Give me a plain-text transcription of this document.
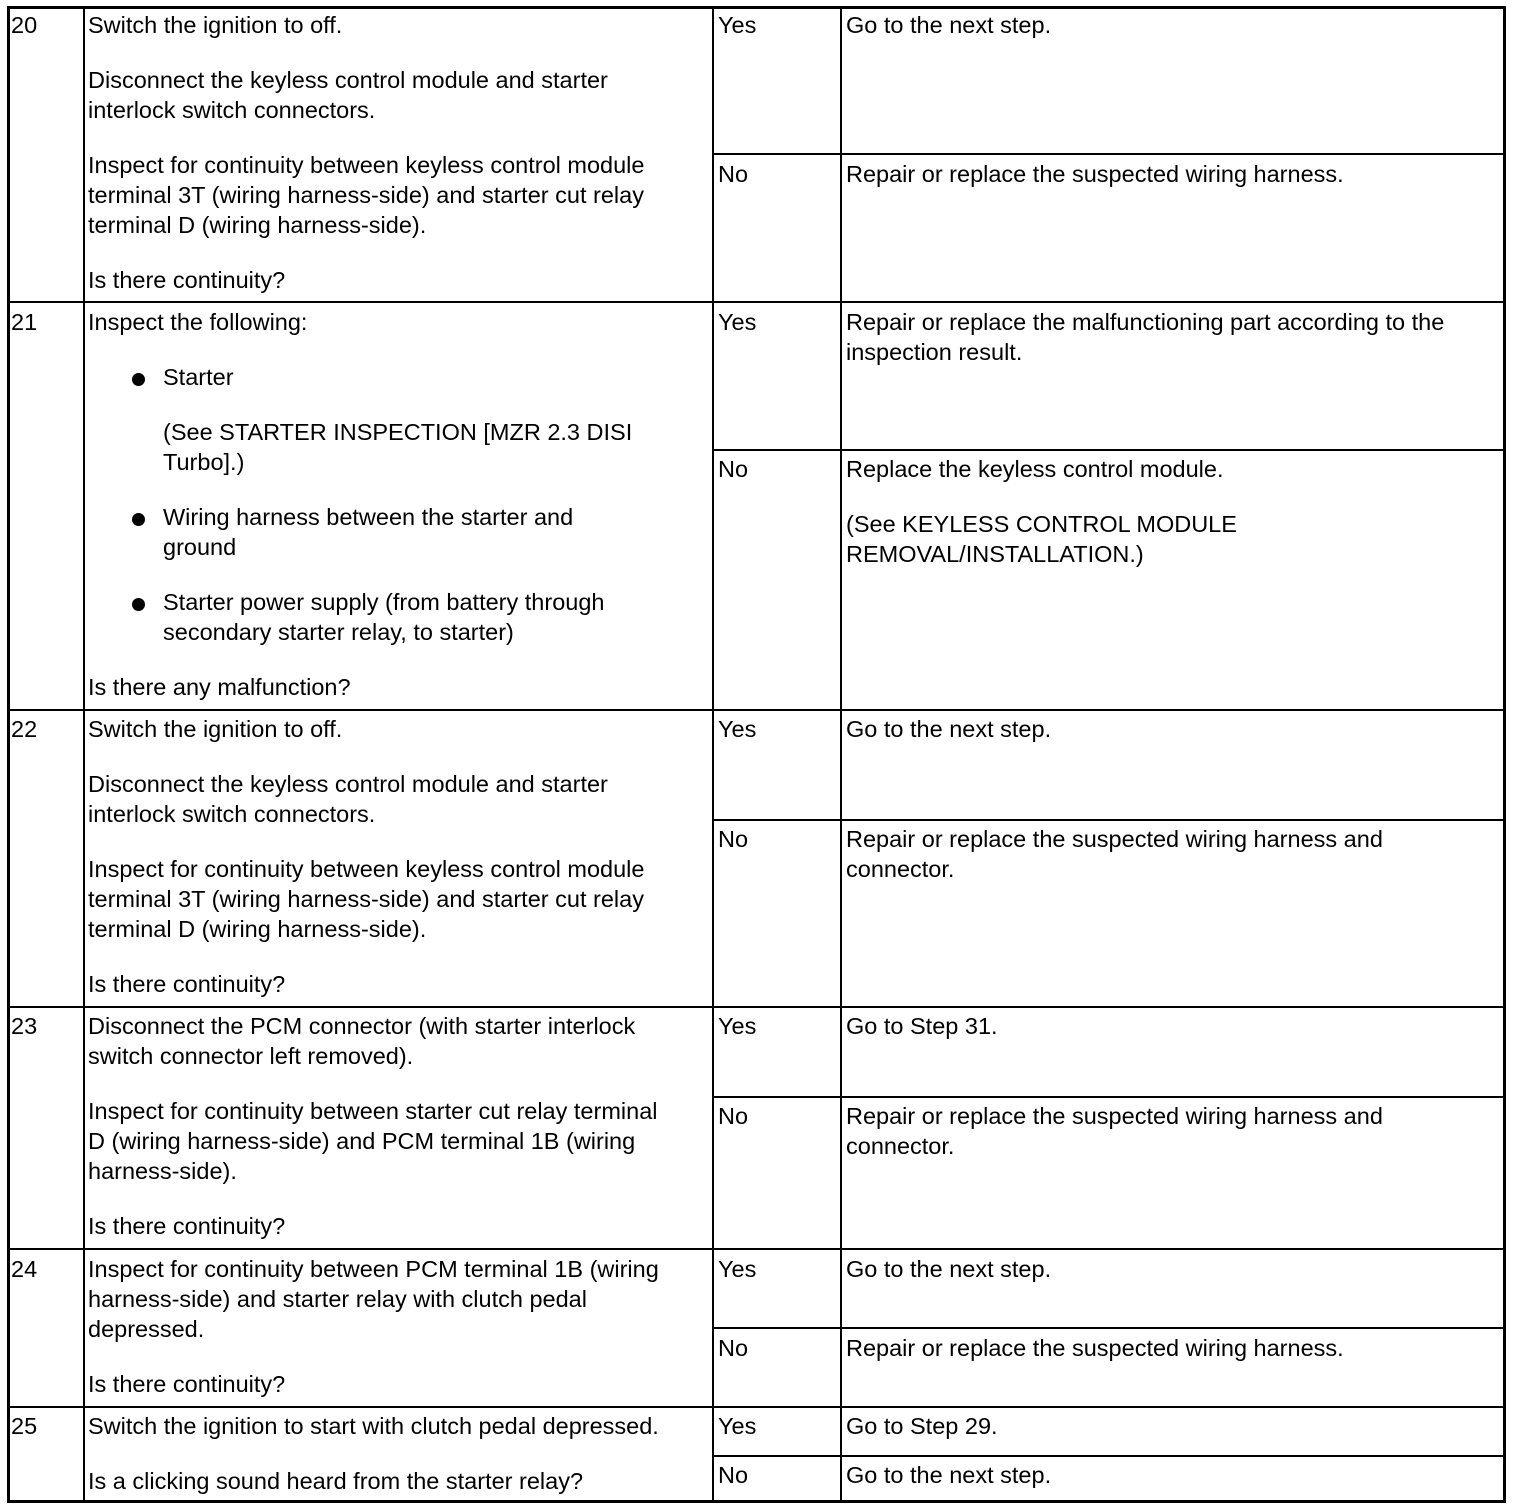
20 Switch the ignition to off.
Disconnect the keyless control module and starter
interlock switch connectors.
Inspect for continuity between keyless control module
terminal 3T (wiring harness-side) and starter cut relay
terminal D (wiring harness-side).
Is there continuity?
Yes	Go to the next step.
No	Repair or replace the suspected wiring harness.
21 Inspect the following:
Starter
(See STARTER INSPECTION [MZR 2.3 DISI
Turbo].)
Wiring harness between the starter and
ground
Starter power supply (from battery through
secondary starter relay, to starter)
Is there any malfunction?
Yes	Repair or replace the malfunctioning part according to the
inspection result.
No	Replace the keyless control module.
(See KEYLESS CONTROL MODULE
REMOVAL/INSTALLATION.)
22 Switch the ignition to off.
Disconnect the keyless control module and starter
interlock switch connectors.
Inspect for continuity between keyless control module
terminal 3T (wiring harness-side) and starter cut relay
terminal D (wiring harness-side).
Is there continuity?
Yes	Go to the next step.
No	Repair or replace the suspected wiring harness and
connector.
23 Disconnect the PCM connector (with starter interlock
switch connector left removed).
Inspect for continuity between starter cut relay terminal
D (wiring harness-side) and PCM terminal 1B (wiring
harness-side).
Is there continuity?
Yes	Go to Step 31.
No	Repair or replace the suspected wiring harness and
connector.
24 Inspect for continuity between PCM terminal 1B (wiring
harness-side) and starter relay with clutch pedal
depressed.
Is there continuity?
Yes	Go to the next step.
No	Repair or replace the suspected wiring harness.
25 Switch the ignition to start with clutch pedal depressed.
Is a clicking sound heard from the starter relay?
Yes	Go to Step 29.
No	Go to the next step.
